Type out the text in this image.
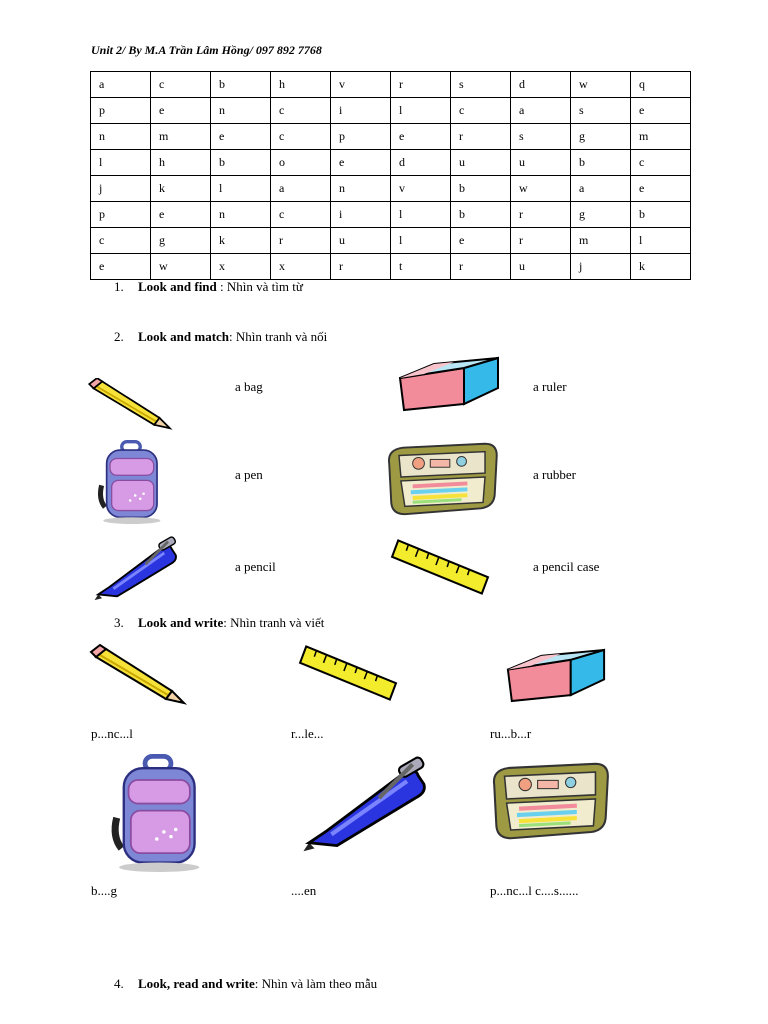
Unit 2/ By M.A Trần Lâm Hồng/ 097 892 7768
a	c	b	h	v	r	s	d	w	q
p	e	n	c	i	l	c	a	s	e
n	m	e	c	p	e	r	s	g	m
l	h	b	o	e	d	u	u	b	c
j	k	l	a	n	v	b	w	a	e
p	e	n	c	i	l	b	r	g	b
c	g	k	r	u	l	e	r	m	l
e	w	x	x	r	t	r	u	j	k
1. Look and find : Nhìn và tìm từ
2. Look and match: Nhìn tranh và nối
a bag
a pen
a pencil
a ruler
a rubber
a pencil case
3. Look and write: Nhìn tranh và viết
p...nc...l	r...le...	ru...b...r
b....g	....en	p...nc...l c....s......
4. Look, read and write: Nhìn và làm theo mẫu
